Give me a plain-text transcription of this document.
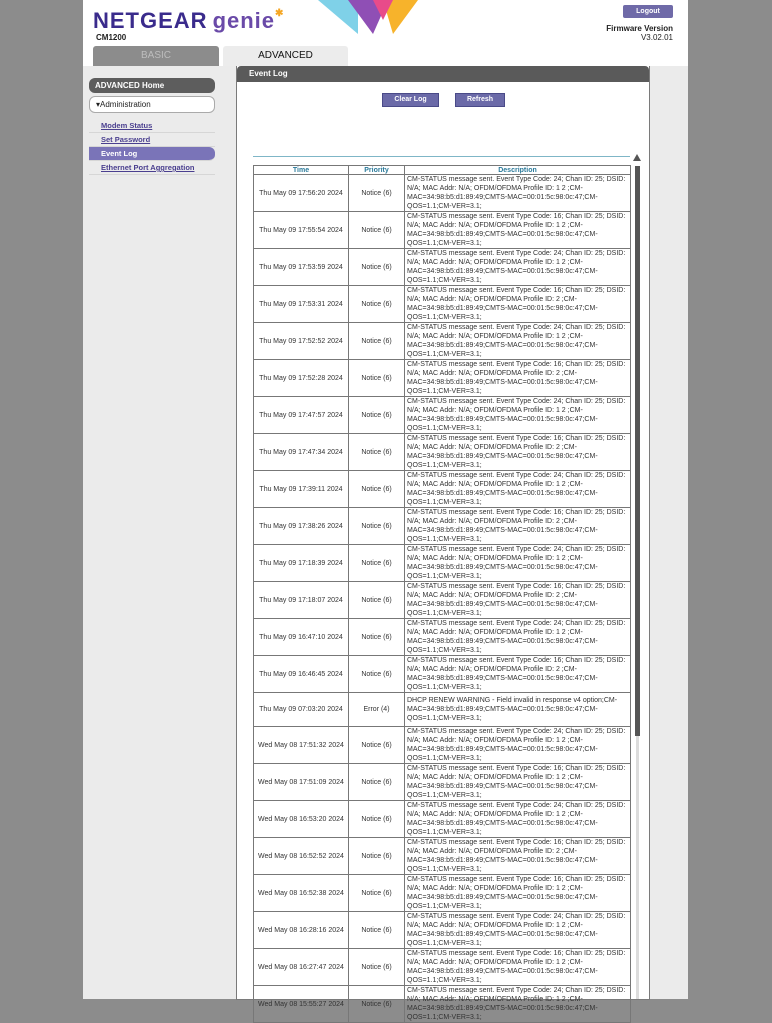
NETGEAR genie✱
CM1200
Logout
Firmware Version
V3.02.01
BASIC	ADVANCED
ADVANCED Home
▾Administration
Modem Status
Set Password
Event Log
Ethernet Port Aggregation
Event Log
Clear Log	Refresh
Time	Priority	Description
Thu May 09 17:56:20 2024	Notice (6)	CM-STATUS message sent. Event Type Code: 24; Chan ID: 25; DSID: N/A; MAC Addr: N/A; OFDM/OFDMA Profile ID: 1 2 ;CM-MAC=34:98:b5:d1:89:49;CMTS-MAC=00:01:5c:98:0c:47;CM-QOS=1.1;CM-VER=3.1;
Thu May 09 17:55:54 2024	Notice (6)	CM-STATUS message sent. Event Type Code: 16; Chan ID: 25; DSID: N/A; MAC Addr: N/A; OFDM/OFDMA Profile ID: 1 2 ;CM-MAC=34:98:b5:d1:89:49;CMTS-MAC=00:01:5c:98:0c:47;CM-QOS=1.1;CM-VER=3.1;
Thu May 09 17:53:59 2024	Notice (6)	CM-STATUS message sent. Event Type Code: 24; Chan ID: 25; DSID: N/A; MAC Addr: N/A; OFDM/OFDMA Profile ID: 1 2 ;CM-MAC=34:98:b5:d1:89:49;CMTS-MAC=00:01:5c:98:0c:47;CM-QOS=1.1;CM-VER=3.1;
Thu May 09 17:53:31 2024	Notice (6)	CM-STATUS message sent. Event Type Code: 16; Chan ID: 25; DSID: N/A; MAC Addr: N/A; OFDM/OFDMA Profile ID: 2 ;CM-MAC=34:98:b5:d1:89:49;CMTS-MAC=00:01:5c:98:0c:47;CM-QOS=1.1;CM-VER=3.1;
Thu May 09 17:52:52 2024	Notice (6)	CM-STATUS message sent. Event Type Code: 24; Chan ID: 25; DSID: N/A; MAC Addr: N/A; OFDM/OFDMA Profile ID: 1 2 ;CM-MAC=34:98:b5:d1:89:49;CMTS-MAC=00:01:5c:98:0c:47;CM-QOS=1.1;CM-VER=3.1;
Thu May 09 17:52:28 2024	Notice (6)	CM-STATUS message sent. Event Type Code: 16; Chan ID: 25; DSID: N/A; MAC Addr: N/A; OFDM/OFDMA Profile ID: 2 ;CM-MAC=34:98:b5:d1:89:49;CMTS-MAC=00:01:5c:98:0c:47;CM-QOS=1.1;CM-VER=3.1;
Thu May 09 17:47:57 2024	Notice (6)	CM-STATUS message sent. Event Type Code: 24; Chan ID: 25; DSID: N/A; MAC Addr: N/A; OFDM/OFDMA Profile ID: 1 2 ;CM-MAC=34:98:b5:d1:89:49;CMTS-MAC=00:01:5c:98:0c:47;CM-QOS=1.1;CM-VER=3.1;
Thu May 09 17:47:34 2024	Notice (6)	CM-STATUS message sent. Event Type Code: 16; Chan ID: 25; DSID: N/A; MAC Addr: N/A; OFDM/OFDMA Profile ID: 2 ;CM-MAC=34:98:b5:d1:89:49;CMTS-MAC=00:01:5c:98:0c:47;CM-QOS=1.1;CM-VER=3.1;
Thu May 09 17:39:11 2024	Notice (6)	CM-STATUS message sent. Event Type Code: 24; Chan ID: 25; DSID: N/A; MAC Addr: N/A; OFDM/OFDMA Profile ID: 1 2 ;CM-MAC=34:98:b5:d1:89:49;CMTS-MAC=00:01:5c:98:0c:47;CM-QOS=1.1;CM-VER=3.1;
Thu May 09 17:38:26 2024	Notice (6)	CM-STATUS message sent. Event Type Code: 16; Chan ID: 25; DSID: N/A; MAC Addr: N/A; OFDM/OFDMA Profile ID: 2 ;CM-MAC=34:98:b5:d1:89:49;CMTS-MAC=00:01:5c:98:0c:47;CM-QOS=1.1;CM-VER=3.1;
Thu May 09 17:18:39 2024	Notice (6)	CM-STATUS message sent. Event Type Code: 24; Chan ID: 25; DSID: N/A; MAC Addr: N/A; OFDM/OFDMA Profile ID: 1 2 ;CM-MAC=34:98:b5:d1:89:49;CMTS-MAC=00:01:5c:98:0c:47;CM-QOS=1.1;CM-VER=3.1;
Thu May 09 17:18:07 2024	Notice (6)	CM-STATUS message sent. Event Type Code: 16; Chan ID: 25; DSID: N/A; MAC Addr: N/A; OFDM/OFDMA Profile ID: 2 ;CM-MAC=34:98:b5:d1:89:49;CMTS-MAC=00:01:5c:98:0c:47;CM-QOS=1.1;CM-VER=3.1;
Thu May 09 16:47:10 2024	Notice (6)	CM-STATUS message sent. Event Type Code: 24; Chan ID: 25; DSID: N/A; MAC Addr: N/A; OFDM/OFDMA Profile ID: 1 2 ;CM-MAC=34:98:b5:d1:89:49;CMTS-MAC=00:01:5c:98:0c:47;CM-QOS=1.1;CM-VER=3.1;
Thu May 09 16:46:45 2024	Notice (6)	CM-STATUS message sent. Event Type Code: 16; Chan ID: 25; DSID: N/A; MAC Addr: N/A; OFDM/OFDMA Profile ID: 2 ;CM-MAC=34:98:b5:d1:89:49;CMTS-MAC=00:01:5c:98:0c:47;CM-QOS=1.1;CM-VER=3.1;
Thu May 09 07:03:20 2024	Error (4)	DHCP RENEW WARNING - Field invalid in response v4 option;CM-MAC=34:98:b5:d1:89:49;CMTS-MAC=00:01:5c:98:0c:47;CM-QOS=1.1;CM-VER=3.1;
Wed May 08 17:51:32 2024	Notice (6)	CM-STATUS message sent. Event Type Code: 24; Chan ID: 25; DSID: N/A; MAC Addr: N/A; OFDM/OFDMA Profile ID: 1 2 ;CM-MAC=34:98:b5:d1:89:49;CMTS-MAC=00:01:5c:98:0c:47;CM-QOS=1.1;CM-VER=3.1;
Wed May 08 17:51:09 2024	Notice (6)	CM-STATUS message sent. Event Type Code: 16; Chan ID: 25; DSID: N/A; MAC Addr: N/A; OFDM/OFDMA Profile ID: 1 2 ;CM-MAC=34:98:b5:d1:89:49;CMTS-MAC=00:01:5c:98:0c:47;CM-QOS=1.1;CM-VER=3.1;
Wed May 08 16:53:20 2024	Notice (6)	CM-STATUS message sent. Event Type Code: 24; Chan ID: 25; DSID: N/A; MAC Addr: N/A; OFDM/OFDMA Profile ID: 1 2 ;CM-MAC=34:98:b5:d1:89:49;CMTS-MAC=00:01:5c:98:0c:47;CM-QOS=1.1;CM-VER=3.1;
Wed May 08 16:52:52 2024	Notice (6)	CM-STATUS message sent. Event Type Code: 16; Chan ID: 25; DSID: N/A; MAC Addr: N/A; OFDM/OFDMA Profile ID: 2 ;CM-MAC=34:98:b5:d1:89:49;CMTS-MAC=00:01:5c:98:0c:47;CM-QOS=1.1;CM-VER=3.1;
Wed May 08 16:52:38 2024	Notice (6)	CM-STATUS message sent. Event Type Code: 16; Chan ID: 25; DSID: N/A; MAC Addr: N/A; OFDM/OFDMA Profile ID: 1 2 ;CM-MAC=34:98:b5:d1:89:49;CMTS-MAC=00:01:5c:98:0c:47;CM-QOS=1.1;CM-VER=3.1;
Wed May 08 16:28:16 2024	Notice (6)	CM-STATUS message sent. Event Type Code: 24; Chan ID: 25; DSID: N/A; MAC Addr: N/A; OFDM/OFDMA Profile ID: 1 2 ;CM-MAC=34:98:b5:d1:89:49;CMTS-MAC=00:01:5c:98:0c:47;CM-QOS=1.1;CM-VER=3.1;
Wed May 08 16:27:47 2024	Notice (6)	CM-STATUS message sent. Event Type Code: 16; Chan ID: 25; DSID: N/A; MAC Addr: N/A; OFDM/OFDMA Profile ID: 1 2 ;CM-MAC=34:98:b5:d1:89:49;CMTS-MAC=00:01:5c:98:0c:47;CM-QOS=1.1;CM-VER=3.1;
Wed May 08 15:55:27 2024	Notice (6)	CM-STATUS message sent. Event Type Code: 24; Chan ID: 25; DSID: N/A; MAC Addr: N/A; OFDM/OFDMA Profile ID: 1 2 ;CM-MAC=34:98:b5:d1:89:49;CMTS-MAC=00:01:5c:98:0c:47;CM-QOS=1.1;CM-VER=3.1;
